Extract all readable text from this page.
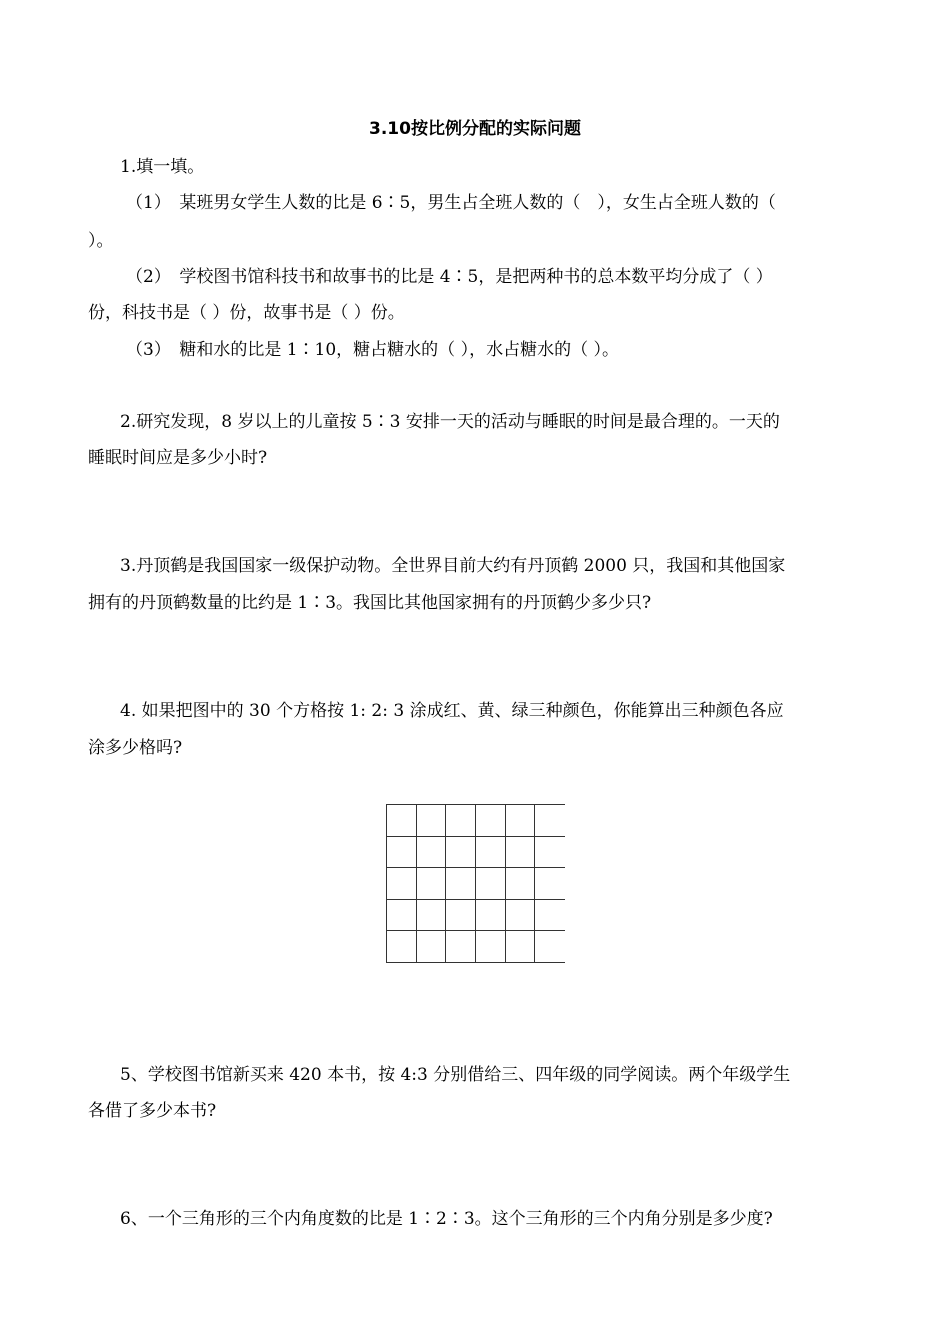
3.10按比例分配的实际问题
1.填一填。
（1）　某班男女学生人数的比是 6∶5，男生占全班人数的（　），女生占全班人数的（
）。
（2）　学校图书馆科技书和故事书的比是 4∶5，是把两种书的总本数平均分成了（ ）
份，科技书是（ ）份，故事书是（ ）份。
（3）　糖和水的比是 1∶10，糖占糖水的（ ），水占糖水的（ ）。
2.研究发现，8 岁以上的儿童按 5∶3 安排一天的活动与睡眠的时间是最合理的。一天的
睡眠时间应是多少小时?
3.丹顶鹤是我国国家一级保护动物。全世界目前大约有丹顶鹤 2000 只，我国和其他国家
拥有的丹顶鹤数量的比约是 1∶3。我国比其他国家拥有的丹顶鹤少多少只?
4. 如果把图中的 30 个方格按 1: 2: 3 涂成红、黄、绿三种颜色，你能算出三种颜色各应
涂多少格吗?
5、学校图书馆新买来 420 本书，按 4:3 分别借给三、四年级的同学阅读。两个年级学生
各借了多少本书?
6、一个三角形的三个内角度数的比是 1∶2∶3。这个三角形的三个内角分别是多少度?
